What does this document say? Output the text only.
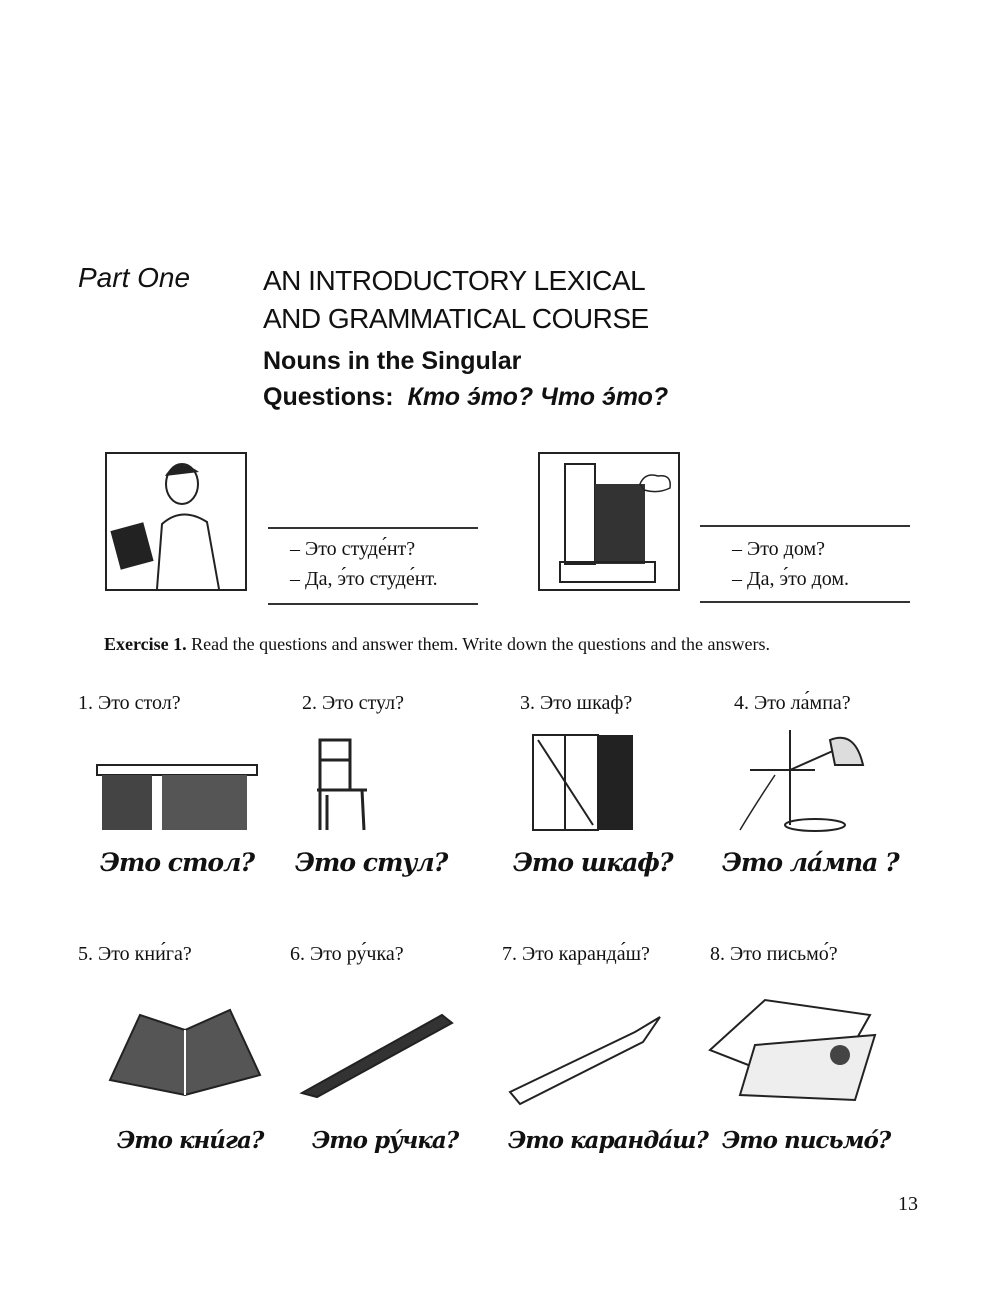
Part One	AN INTRODUCTORY LEXICAL
AND GRAMMATICAL COURSE
Nouns in the Singular
Questions: Кто э́то? Что э́то?
– Это студе́нт?
– Да, э́то студе́нт.
– Это дом?
– Да, э́то дом.
Exercise 1. Read the questions and answer them. Write down the questions and the answers.
1. Это стол?	2. Это стул?	3. Это шкаф?	4. Это ла́мпа?
Это стол? Это стул?	Это шкаф? Это ла́мпа ?
5. Это кни́га?	6. Это ру́чка?	7. Это каранда́ш?	8. Это письмо́?
Это кни́га? Это ру́чка? Это каранда́ш? Это письмо́?
13
